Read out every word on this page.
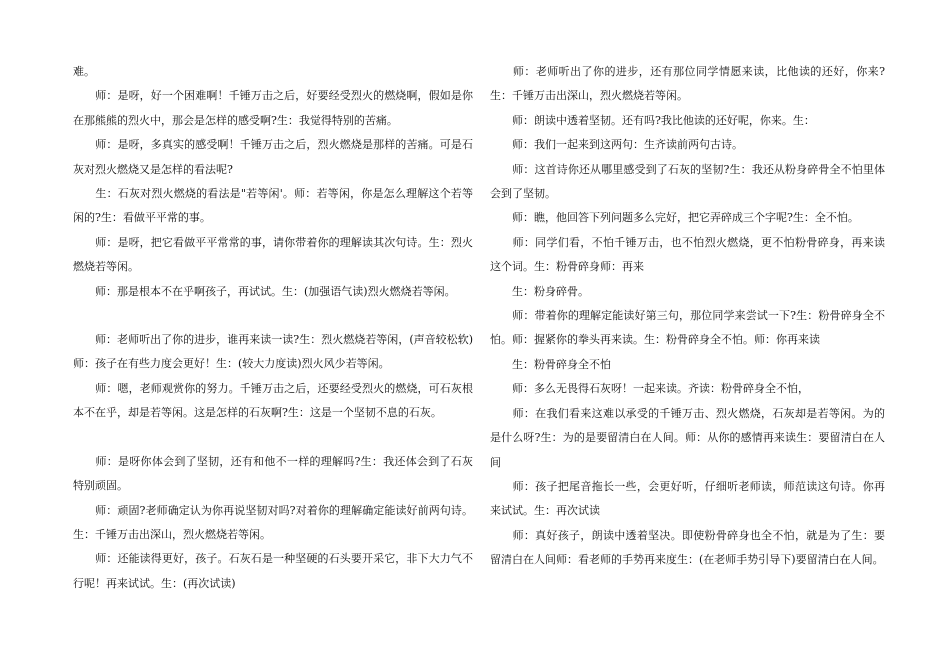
难。

　　师：是呀，好一个困难啊！千锤万击之后，好要经受烈火的燃烧啊，假如是你在那熊熊的烈火中，那会是怎样的感受啊?生：我觉得特别的苦痛。

　　师：是呀，多真实的感受啊！千锤万击之后，烈火燃烧是那样的苦痛。可是石灰对烈火燃烧又是怎样的看法呢?

　　生：石灰对烈火燃烧的看法是"若等闲'。师：若等闲，你是怎么理解这个若等闲的?生：看做平平常的事。

　　师：是呀，把它看做平平常常的事，请你带着你的理解读其次句诗。生：烈火燃烧若等闲。

　　师：那是根本不在乎啊孩子，再试试。生：(加强语气读)烈火燃烧若等闲。

　　师：老师听出了你的进步，谁再来读一读?生：烈火燃烧若等闲，(声音较松软)师：孩子在有些力度会更好！生：(较大力度读)烈火风少若等闲。

　　师：嗯，老师观赏你的努力。千锤万击之后，还要经受烈火的燃烧，可石灰根本不在乎，却是若等闲。这是怎样的石灰啊?生：这是一个坚韧不息的石灰。

　　师：是呀你体会到了坚韧，还有和他不一样的理解吗?生：我还体会到了石灰特别顽固。

　　师：顽固?老师确定认为你再说坚韧对吗?对着你的理解确定能读好前两句诗。生：千锤万击出深山，烈火燃烧若等闲。

　　师：还能读得更好，孩子。石灰石是一种坚硬的石头要开采它，非下大力气不行呢！再来试试。生：(再次试读)

　　师：老师听出了你的进步，还有那位同学情愿来读，比他读的还好，你来?生：千锤万击出深山，烈火燃烧若等闲。

　　师：朗读中透着坚韧。还有吗?我比他读的还好呢，你来。生：

　　师：我们一起来到这两句：生齐读前两句古诗。

　　师：这首诗你还从哪里感受到了石灰的坚韧?生：我还从粉身碎骨全不怕里体会到了坚韧。

　　师：瞧，他回答下列问题多么完好，把它弄碎成三个字呢?生：全不怕。

　　师：同学们看，不怕千锤万击，也不怕烈火燃烧，更不怕粉骨碎身，再来读这个词。生：粉骨碎身师：再来

　　生：粉身碎骨。

　　师：带着你的理解定能读好第三句，那位同学来尝试一下?生：粉骨碎身全不怕。师：握紧你的拳头再来读。生：粉骨碎身全不怕。师：你再来读

　　生：粉骨碎身全不怕

　　师：多么无畏得石灰呀！一起来读。齐读：粉骨碎身全不怕，

　　师：在我们看来这难以承受的千锤万击、烈火燃烧，石灰却是若等闲。为的是什么呀?生：为的是要留清白在人间。师：从你的感情再来读生：要留清白在人间

　　师：孩子把尾音拖长一些，会更好听，仔细听老师读，师范读这句诗。你再来试试。生：再次试读

　　师：真好孩子，朗读中透着坚决。即使粉骨碎身也全不怕，就是为了生：要留清白在人间师：看老师的手势再来度生：(在老师手势引导下)要留清白在人间。
